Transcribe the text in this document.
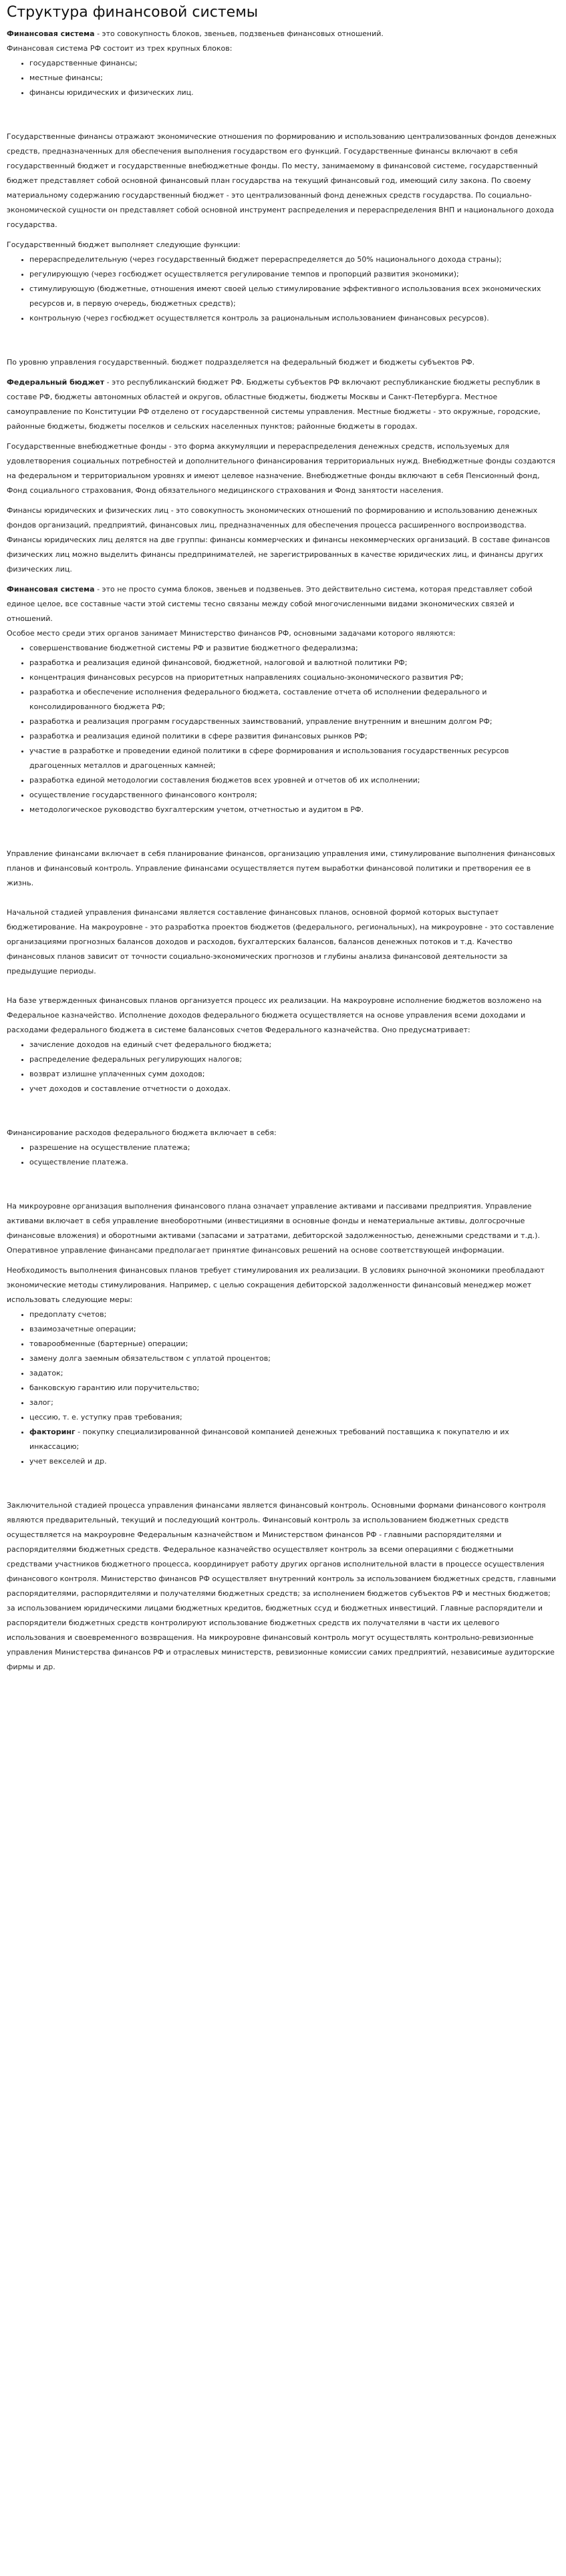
Структура финансовой системы

Финансовая система - это совокупность блоков, звеньев, подзвеньев финансовых отношений.

Финансовая система РФ состоит из трех крупных блоков:

• государственные финансы;
• местные финансы;
• финансы юридических и физических лиц.

Государственные финансы отражают экономические отношения по формированию и использованию централизованных фондов денежных средств, предназначенных для обеспечения выполнения государством его функций. Государственные финансы включают в себя государственный бюджет и государственные внебюджетные фонды. По месту, занимаемому в финансовой системе, государственный бюджет представляет собой основной финансовый план государства на текущий финансовый год, имеющий силу закона. По своему материальному содержанию государственный бюджет - это централизованный фонд денежных средств государства. По социально-экономической сущности он представляет собой основной инструмент распределения и перераспределения ВНП и национального дохода государства.

Государственный бюджет выполняет следующие функции:

• перераспределительную (через государственный бюджет перераспределяется до 50% национального дохода страны);
• регулирующую (через госбюджет осуществляется регулирование темпов и пропорций развития экономики);
• стимулирующую (бюджетные, отношения имеют своей целью стимулирование эффективного использования всех экономических ресурсов и, в первую очередь, бюджетных средств);
• контрольную (через госбюджет осуществляется контроль за рациональным использованием финансовых ресурсов).

По уровню управления государственный. бюджет подразделяется на федеральный бюджет и бюджеты субъектов РФ.

Федеральный бюджет - это республиканский бюджет РФ. Бюджеты субъектов РФ включают республиканские бюджеты республик в составе РФ, бюджеты автономных областей и округов, областные бюджеты, бюджеты Москвы и Санкт-Петербурга. Местное самоуправление по Конституции РФ отделено от государственной системы управления. Местные бюджеты - это окружные, городские, районные бюджеты, бюджеты поселков и сельских населенных пунктов; районные бюджеты в городах.

Государственные внебюджетные фонды - это форма аккумуляции и перераспределения денежных средств, используемых для удовлетворения социальных потребностей и дополнительного финансирования территориальных нужд. Внебюджетные фонды создаются на федеральном и территориальном уровнях и имеют целевое назначение. Внебюджетные фонды включают в себя Пенсионный фонд, Фонд социального страхования, Фонд обязательного медицинского страхования и Фонд занятости населения.

Финансы юридических и физических лиц - это совокупность экономических отношений по формированию и использованию денежных фондов организаций, предприятий, финансовых лиц, предназначенных для обеспечения процесса расширенного воспроизводства. Финансы юридических лиц делятся на две группы: финансы коммерческих и финансы некоммерческих организаций. В составе финансов физических лиц можно выделить финансы предпринимателей, не зарегистрированных в качестве юридических лиц, и финансы других физических лиц.

Финансовая система - это не просто сумма блоков, звеньев и подзвеньев. Это действительно система, которая представляет собой единое целое, все составные части этой системы тесно связаны между собой многочисленными видами экономических связей и отношений.

Особое место среди этих органов занимает Министерство финансов РФ, основными задачами которого являются:

• совершенствование бюджетной системы РФ и развитие бюджетного федерализма;
• разработка и реализация единой финансовой, бюджетной, налоговой и валютной политики РФ;
• концентрация финансовых ресурсов на приоритетных направлениях социально-экономического развития РФ;
• разработка и обеспечение исполнения федерального бюджета, составление отчета об исполнении федерального и консолидированного бюджета РФ;
• разработка и реализация программ государственных заимствований, управление внутренним и внешним долгом РФ;
• разработка и реализация единой политики в сфере развития финансовых рынков РФ;
• участие в разработке и проведении единой политики в сфере формирования и использования государственных ресурсов драгоценных металлов и драгоценных камней;
• разработка единой методологии составления бюджетов всех уровней и отчетов об их исполнении;
• осуществление государственного финансового контроля;
• методологическое руководство бухгалтерским учетом, отчетностью и аудитом в РФ.

Управление финансами включает в себя планирование финансов, организацию управления ими, стимулирование выполнения финансовых планов и финансовый контроль. Управление финансами осуществляется путем выработки финансовой политики и претворения ее в жизнь.

Начальной стадией управления финансами является составление финансовых планов, основной формой которых выступает бюджетирование. На макроуровне - это разработка проектов бюджетов (федерального, региональных), на микроуровне - это составление организациями прогнозных балансов доходов и расходов, бухгалтерских балансов, балансов денежных потоков и т.д. Качество финансовых планов зависит от точности социально-экономических прогнозов и глубины анализа финансовой деятельности за предыдущие периоды.

На базе утвержденных финансовых планов организуется процесс их реализации. На макроуровне исполнение бюджетов возложено на Федеральное казначейство. Исполнение доходов федерального бюджета осуществляется на основе управления всеми доходами и расходами федерального бюджета в системе балансовых счетов Федерального казначейства. Оно предусматривает:

• зачисление доходов на единый счет федерального бюджета;
• распределение федеральных регулирующих налогов;
• возврат излишне уплаченных сумм доходов;
• учет доходов и составление отчетности о доходах.

Финансирование расходов федерального бюджета включает в себя:

• разрешение на осуществление платежа;
• осуществление платежа.

На микроуровне организация выполнения финансового плана означает управление активами и пассивами предприятия. Управление активами включает в себя управление внеоборотными (инвестициями в основные фонды и нематериальные активы, долгосрочные финансовые вложения) и оборотными активами (запасами и затратами, дебиторской задолженностью, денежными средствами и т.д.). Оперативное управление финансами предполагает принятие финансовых решений на основе соответствующей информации.

Необходимость выполнения финансовых планов требует стимулирования их реализации. В условиях рыночной экономики преобладают экономические методы стимулирования. Например, с целью сокращения дебиторской задолженности финансовый менеджер может использовать следующие меры:

• предоплату счетов;
• взаимозачетные операции;
• товарообменные (бартерные) операции;
• замену долга заемным обязательством с уплатой процентов;
• задаток;
• банковскую гарантию или поручительство;
• залог;
• цессию, т. е. уступку прав требования;
• факторинг - покупку специализированной финансовой компанией денежных требований поставщика к покупателю и их инкассацию;
• учет векселей и др.

Заключительной стадией процесса управления финансами является финансовый контроль. Основными формами финансового контроля являются предварительный, текущий и последующий контроль. Финансовый контроль за использованием бюджетных средств осуществляется на макроуровне Федеральным казначейством и Министерством финансов РФ - главными распорядителями и распорядителями бюджетных средств. Федеральное казначейство осуществляет контроль за всеми операциями с бюджетными средствами участников бюджетного процесса, координирует работу других органов исполнительной власти в процессе осуществления финансового контроля. Министерство финансов РФ осуществляет внутренний контроль за использованием бюджетных средств, главными распорядителями, распорядителями и получателями бюджетных средств; за исполнением бюджетов субъектов РФ и местных бюджетов; за использованием юридическими лицами бюджетных кредитов, бюджетных ссуд и бюджетных инвестиций. Главные распорядители и распорядители бюджетных средств контролируют использование бюджетных средств их получателями в части их целевого использования и своевременного возвращения. На микроуровне финансовый контроль могут осуществлять контрольно-ревизионные управления Министерства финансов РФ и отраслевых министерств, ревизионные комиссии самих предприятий, независимые аудиторские фирмы и др.
